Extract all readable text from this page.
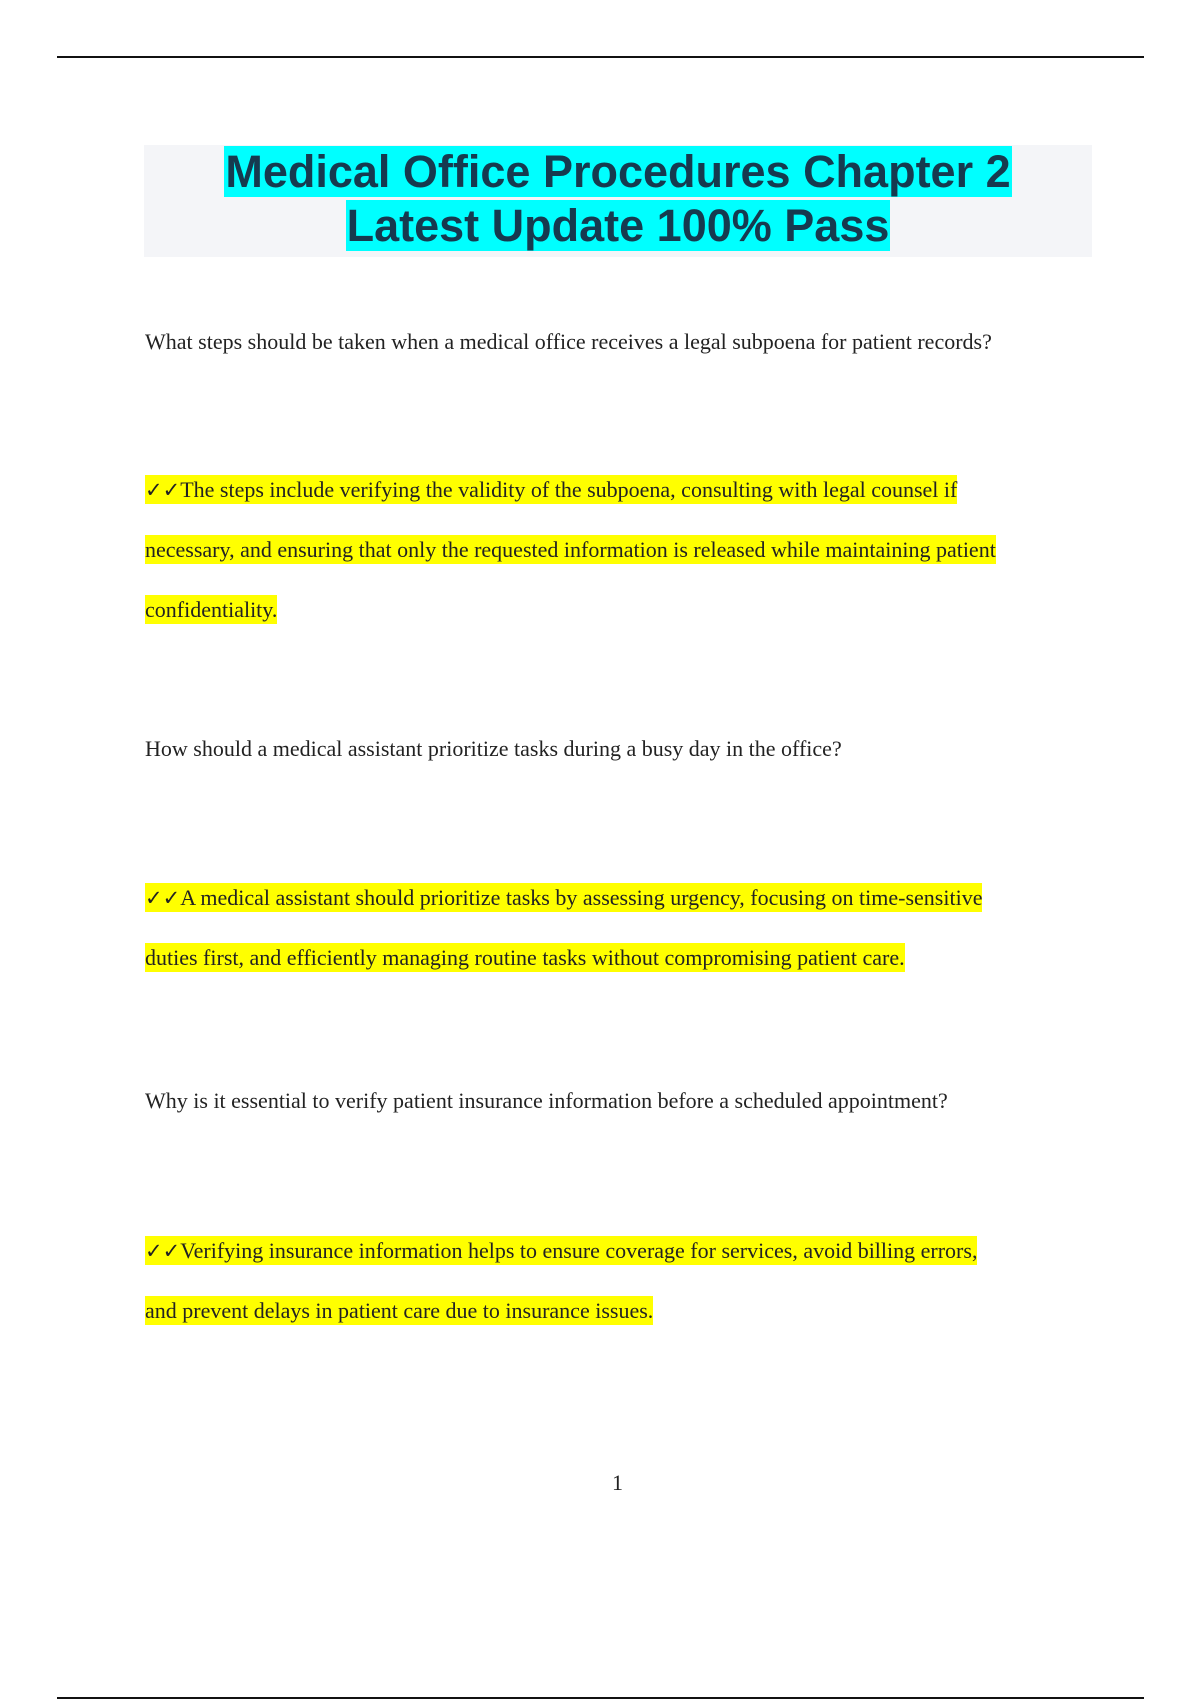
Medical Office Procedures Chapter 2
Latest Update 100% Pass
What steps should be taken when a medical office receives a legal subpoena for patient records?
✓✓The steps include verifying the validity of the subpoena, consulting with legal counsel if
necessary, and ensuring that only the requested information is released while maintaining patient
confidentiality.
How should a medical assistant prioritize tasks during a busy day in the office?
✓✓A medical assistant should prioritize tasks by assessing urgency, focusing on time-sensitive
duties first, and efficiently managing routine tasks without compromising patient care.
Why is it essential to verify patient insurance information before a scheduled appointment?
✓✓Verifying insurance information helps to ensure coverage for services, avoid billing errors,
and prevent delays in patient care due to insurance issues.
1
